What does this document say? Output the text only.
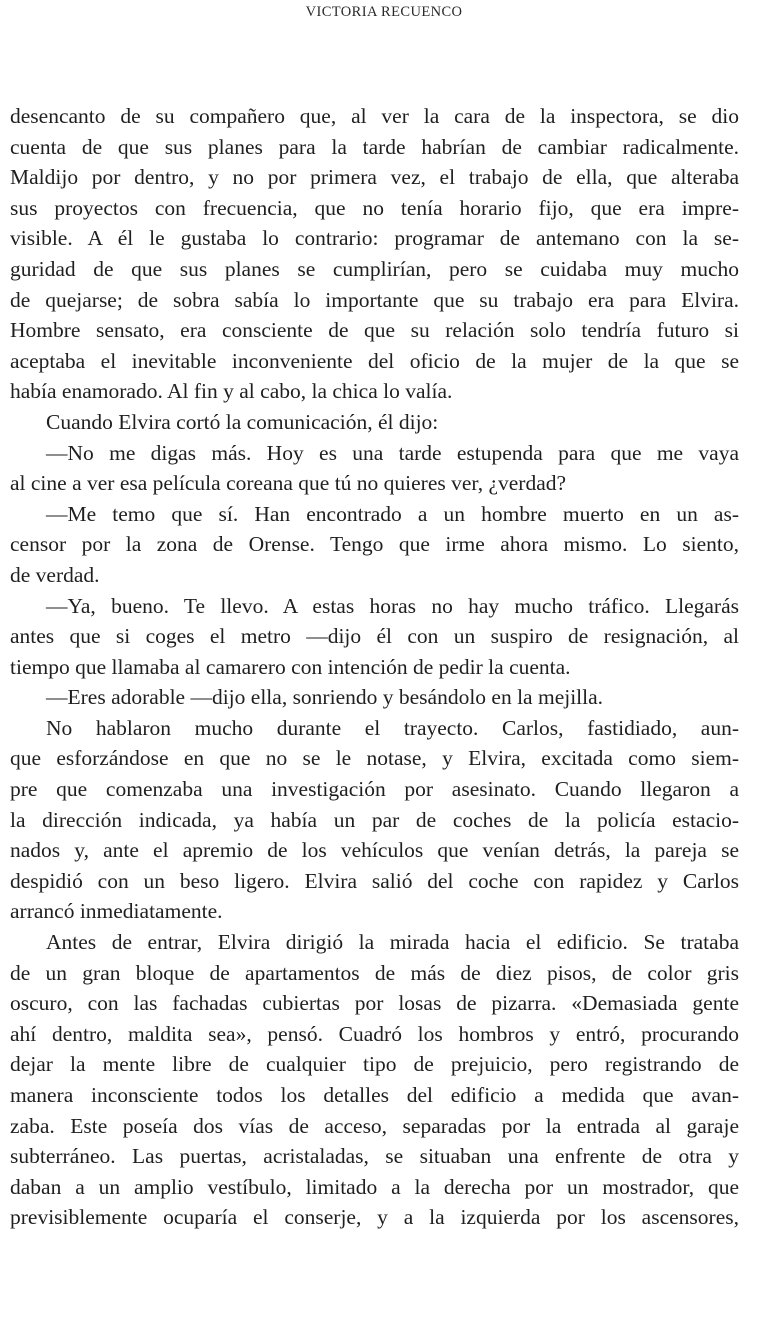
VICTORIA RECUENCO
desencanto de su compañero que, al ver la cara de la inspectora, se dio
cuenta de que sus planes para la tarde habrían de cambiar radicalmente.
Maldijo por dentro, y no por primera vez, el trabajo de ella, que alteraba
sus proyectos con frecuencia, que no tenía horario fijo, que era impre-
visible. A él le gustaba lo contrario: programar de antemano con la se-
guridad de que sus planes se cumplirían, pero se cuidaba muy mucho
de quejarse; de sobra sabía lo importante que su trabajo era para Elvira.
Hombre sensato, era consciente de que su relación solo tendría futuro si
aceptaba el inevitable inconveniente del oficio de la mujer de la que se
había enamorado. Al fin y al cabo, la chica lo valía.
Cuando Elvira cortó la comunicación, él dijo:
—No me digas más. Hoy es una tarde estupenda para que me vaya
al cine a ver esa película coreana que tú no quieres ver, ¿verdad?
—Me temo que sí. Han encontrado a un hombre muerto en un as-
censor por la zona de Orense. Tengo que irme ahora mismo. Lo siento,
de verdad.
—Ya, bueno. Te llevo. A estas horas no hay mucho tráfico. Llegarás
antes que si coges el metro —dijo él con un suspiro de resignación, al
tiempo que llamaba al camarero con intención de pedir la cuenta.
—Eres adorable —dijo ella, sonriendo y besándolo en la mejilla.
No hablaron mucho durante el trayecto. Carlos, fastidiado, aun-
que esforzándose en que no se le notase, y Elvira, excitada como siem-
pre que comenzaba una investigación por asesinato. Cuando llegaron a
la dirección indicada, ya había un par de coches de la policía estacio-
nados y, ante el apremio de los vehículos que venían detrás, la pareja se
despidió con un beso ligero. Elvira salió del coche con rapidez y Carlos
arrancó inmediatamente.
Antes de entrar, Elvira dirigió la mirada hacia el edificio. Se trataba
de un gran bloque de apartamentos de más de diez pisos, de color gris
oscuro, con las fachadas cubiertas por losas de pizarra. «Demasiada gente
ahí dentro, maldita sea», pensó. Cuadró los hombros y entró, procurando
dejar la mente libre de cualquier tipo de prejuicio, pero registrando de
manera inconsciente todos los detalles del edificio a medida que avan-
zaba. Este poseía dos vías de acceso, separadas por la entrada al garaje
subterráneo. Las puertas, acristaladas, se situaban una enfrente de otra y
daban a un amplio vestíbulo, limitado a la derecha por un mostrador, que
previsiblemente ocuparía el conserje, y a la izquierda por los ascensores,
